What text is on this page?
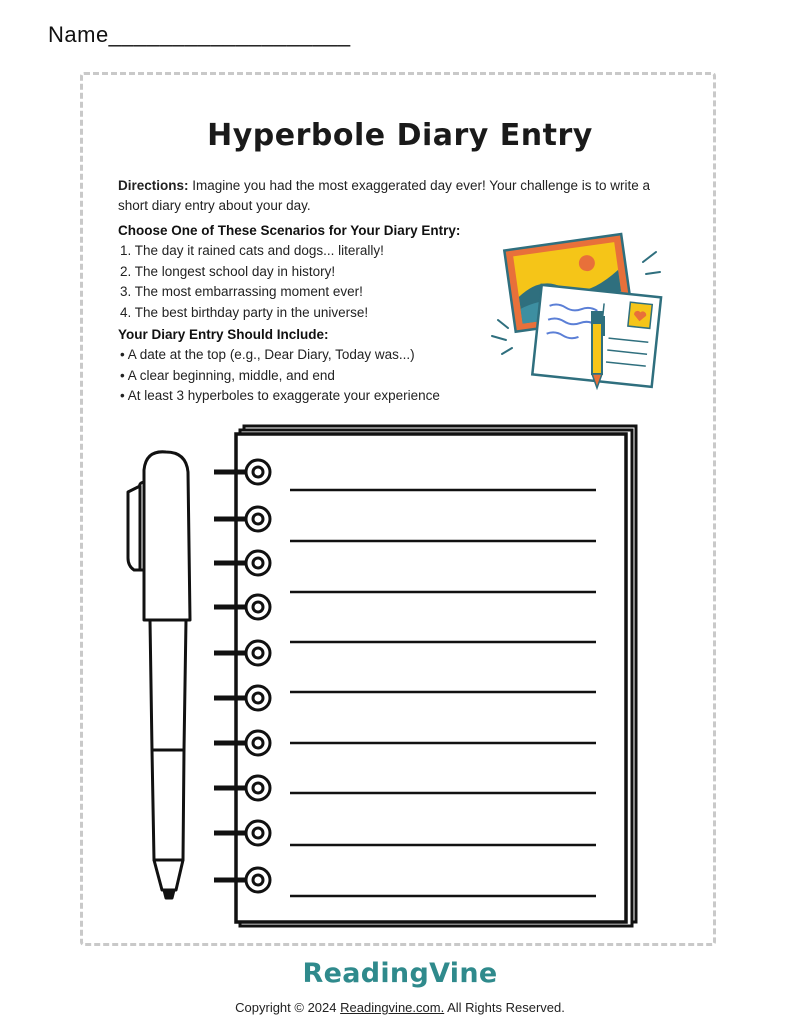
Name___________________
Hyperbole Diary Entry
Directions: Imagine you had the most exaggerated day ever! Your challenge is to write a short diary entry about your day.
Choose One of These Scenarios for Your Diary Entry:
1. The day it rained cats and dogs... literally!
2. The longest school day in history!
3. The most embarrassing moment ever!
4. The best birthday party in the universe!
Your Diary Entry Should Include:
• A date at the top (e.g., Dear Diary, Today was...)
• A clear beginning, middle, and end
• At least 3 hyperboles to exaggerate your experience
ReadingVine
Copyright © 2024 Readingvine.com. All Rights Reserved.
